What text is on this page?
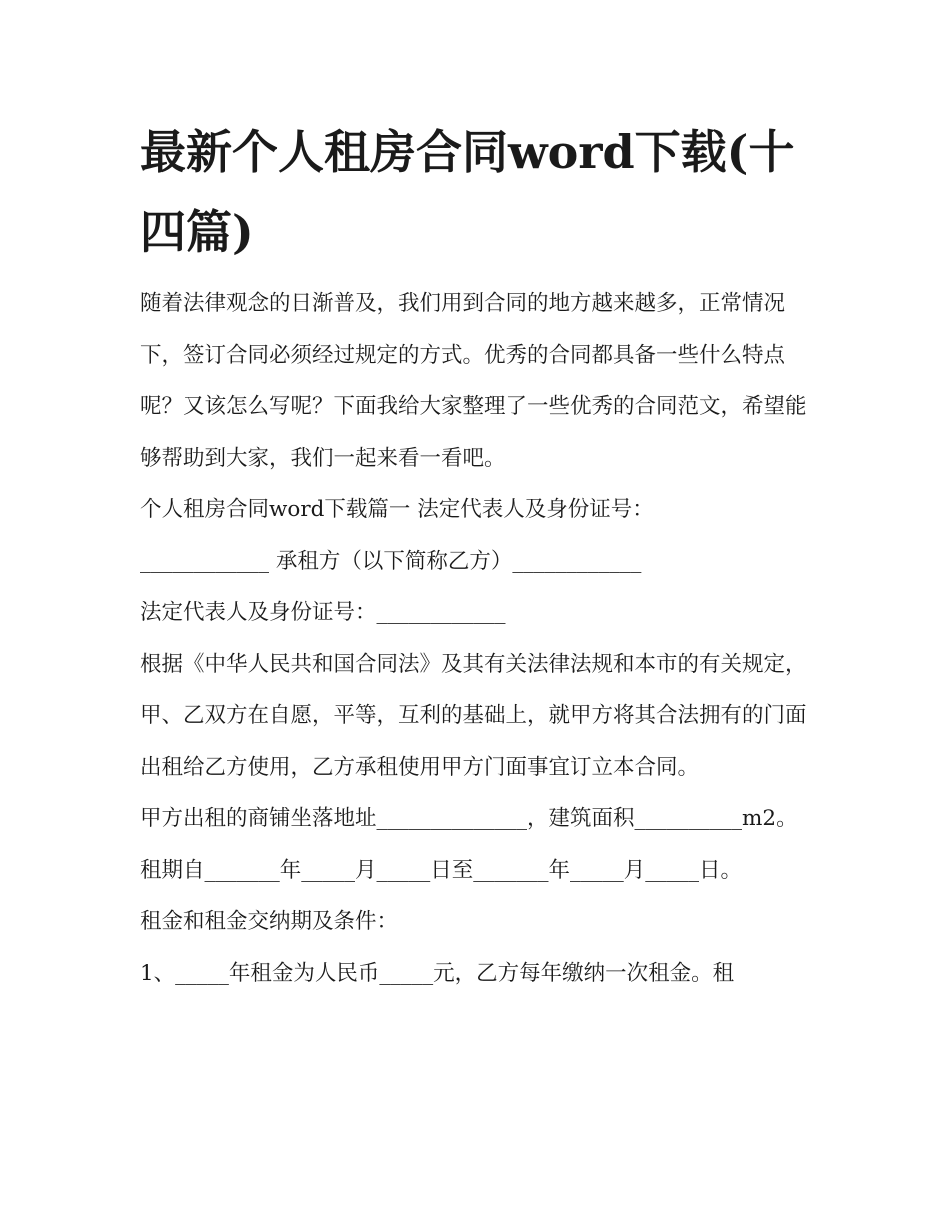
最新个人租房合同word下载(十四篇)

随着法律观念的日渐普及，我们用到合同的地方越来越多，正常情况下，签订合同必须经过规定的方式。优秀的合同都具备一些什么特点呢？又该怎么写呢？下面我给大家整理了一些优秀的合同范文，希望能够帮助到大家，我们一起来看一看吧。

个人租房合同word下载篇一 法定代表人及身份证号：

____________ 承租方（以下简称乙方）____________

法定代表人及身份证号：____________

根据《中华人民共和国合同法》及其有关法律法规和本市的有关规定，甲、乙双方在自愿，平等，互利的基础上，就甲方将其合法拥有的门面出租给乙方使用，乙方承租使用甲方门面事宜订立本合同。

甲方出租的商铺坐落地址______________，建筑面积__________m2。

租期自_______年_____月_____日至_______年_____月_____日。

租金和租金交纳期及条件：

1、_____年租金为人民币_____元，乙方每年缴纳一次租金。租
